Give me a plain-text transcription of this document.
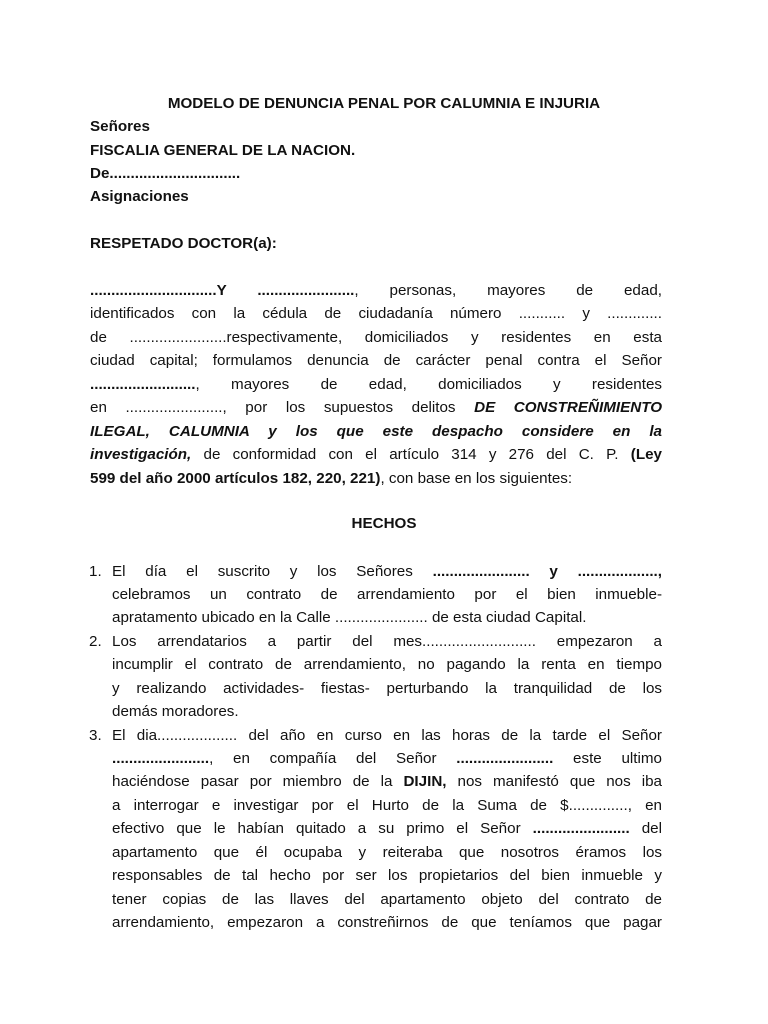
MODELO DE DENUNCIA PENAL POR CALUMNIA E INJURIA
Señores
FISCALIA GENERAL DE LA NACION.
De...............................
Asignaciones
RESPETADO DOCTOR(a):
..............................Y ......................., personas, mayores de edad,
identificados con la cédula de ciudadanía número ........... y .............
de .......................respectivamente, domiciliados y residentes en esta
ciudad capital; formulamos denuncia de carácter penal contra el Señor
........................., mayores de edad, domiciliados y residentes
en ......................., por los supuestos delitos DE CONSTREÑIMIENTO
ILEGAL, CALUMNIA y los que este despacho considere en la
investigación, de conformidad con el artículo 314 y 276 del C. P. (Ley
599 del año 2000 artículos 182, 220, 221), con base en los siguientes:
HECHOS
1. El día el suscrito y los Señores ....................... y ...................,
celebramos un contrato de arrendamiento por el bien inmueble-
apratamento ubicado en la Calle ...................... de esta ciudad Capital.
2. Los arrendatarios a partir del mes........................... empezaron a
incumplir el contrato de arrendamiento, no pagando la renta en tiempo
y realizando actividades- fiestas- perturbando la tranquilidad de los
demás moradores.
3. El dia................... del año en curso en las horas de la tarde el Señor
......................., en compañía del Señor ....................... este ultimo
haciéndose pasar por miembro de la DIJIN, nos manifestó que nos iba
a interrogar e investigar por el Hurto de la Suma de $.............., en
efectivo que le habían quitado a su primo el Señor ....................... del
apartamento que él ocupaba y reiteraba que nosotros éramos los
responsables de tal hecho por ser los propietarios del bien inmueble y
tener copias de las llaves del apartamento objeto del contrato de
arrendamiento, empezaron a constreñirnos de que teníamos que pagar
